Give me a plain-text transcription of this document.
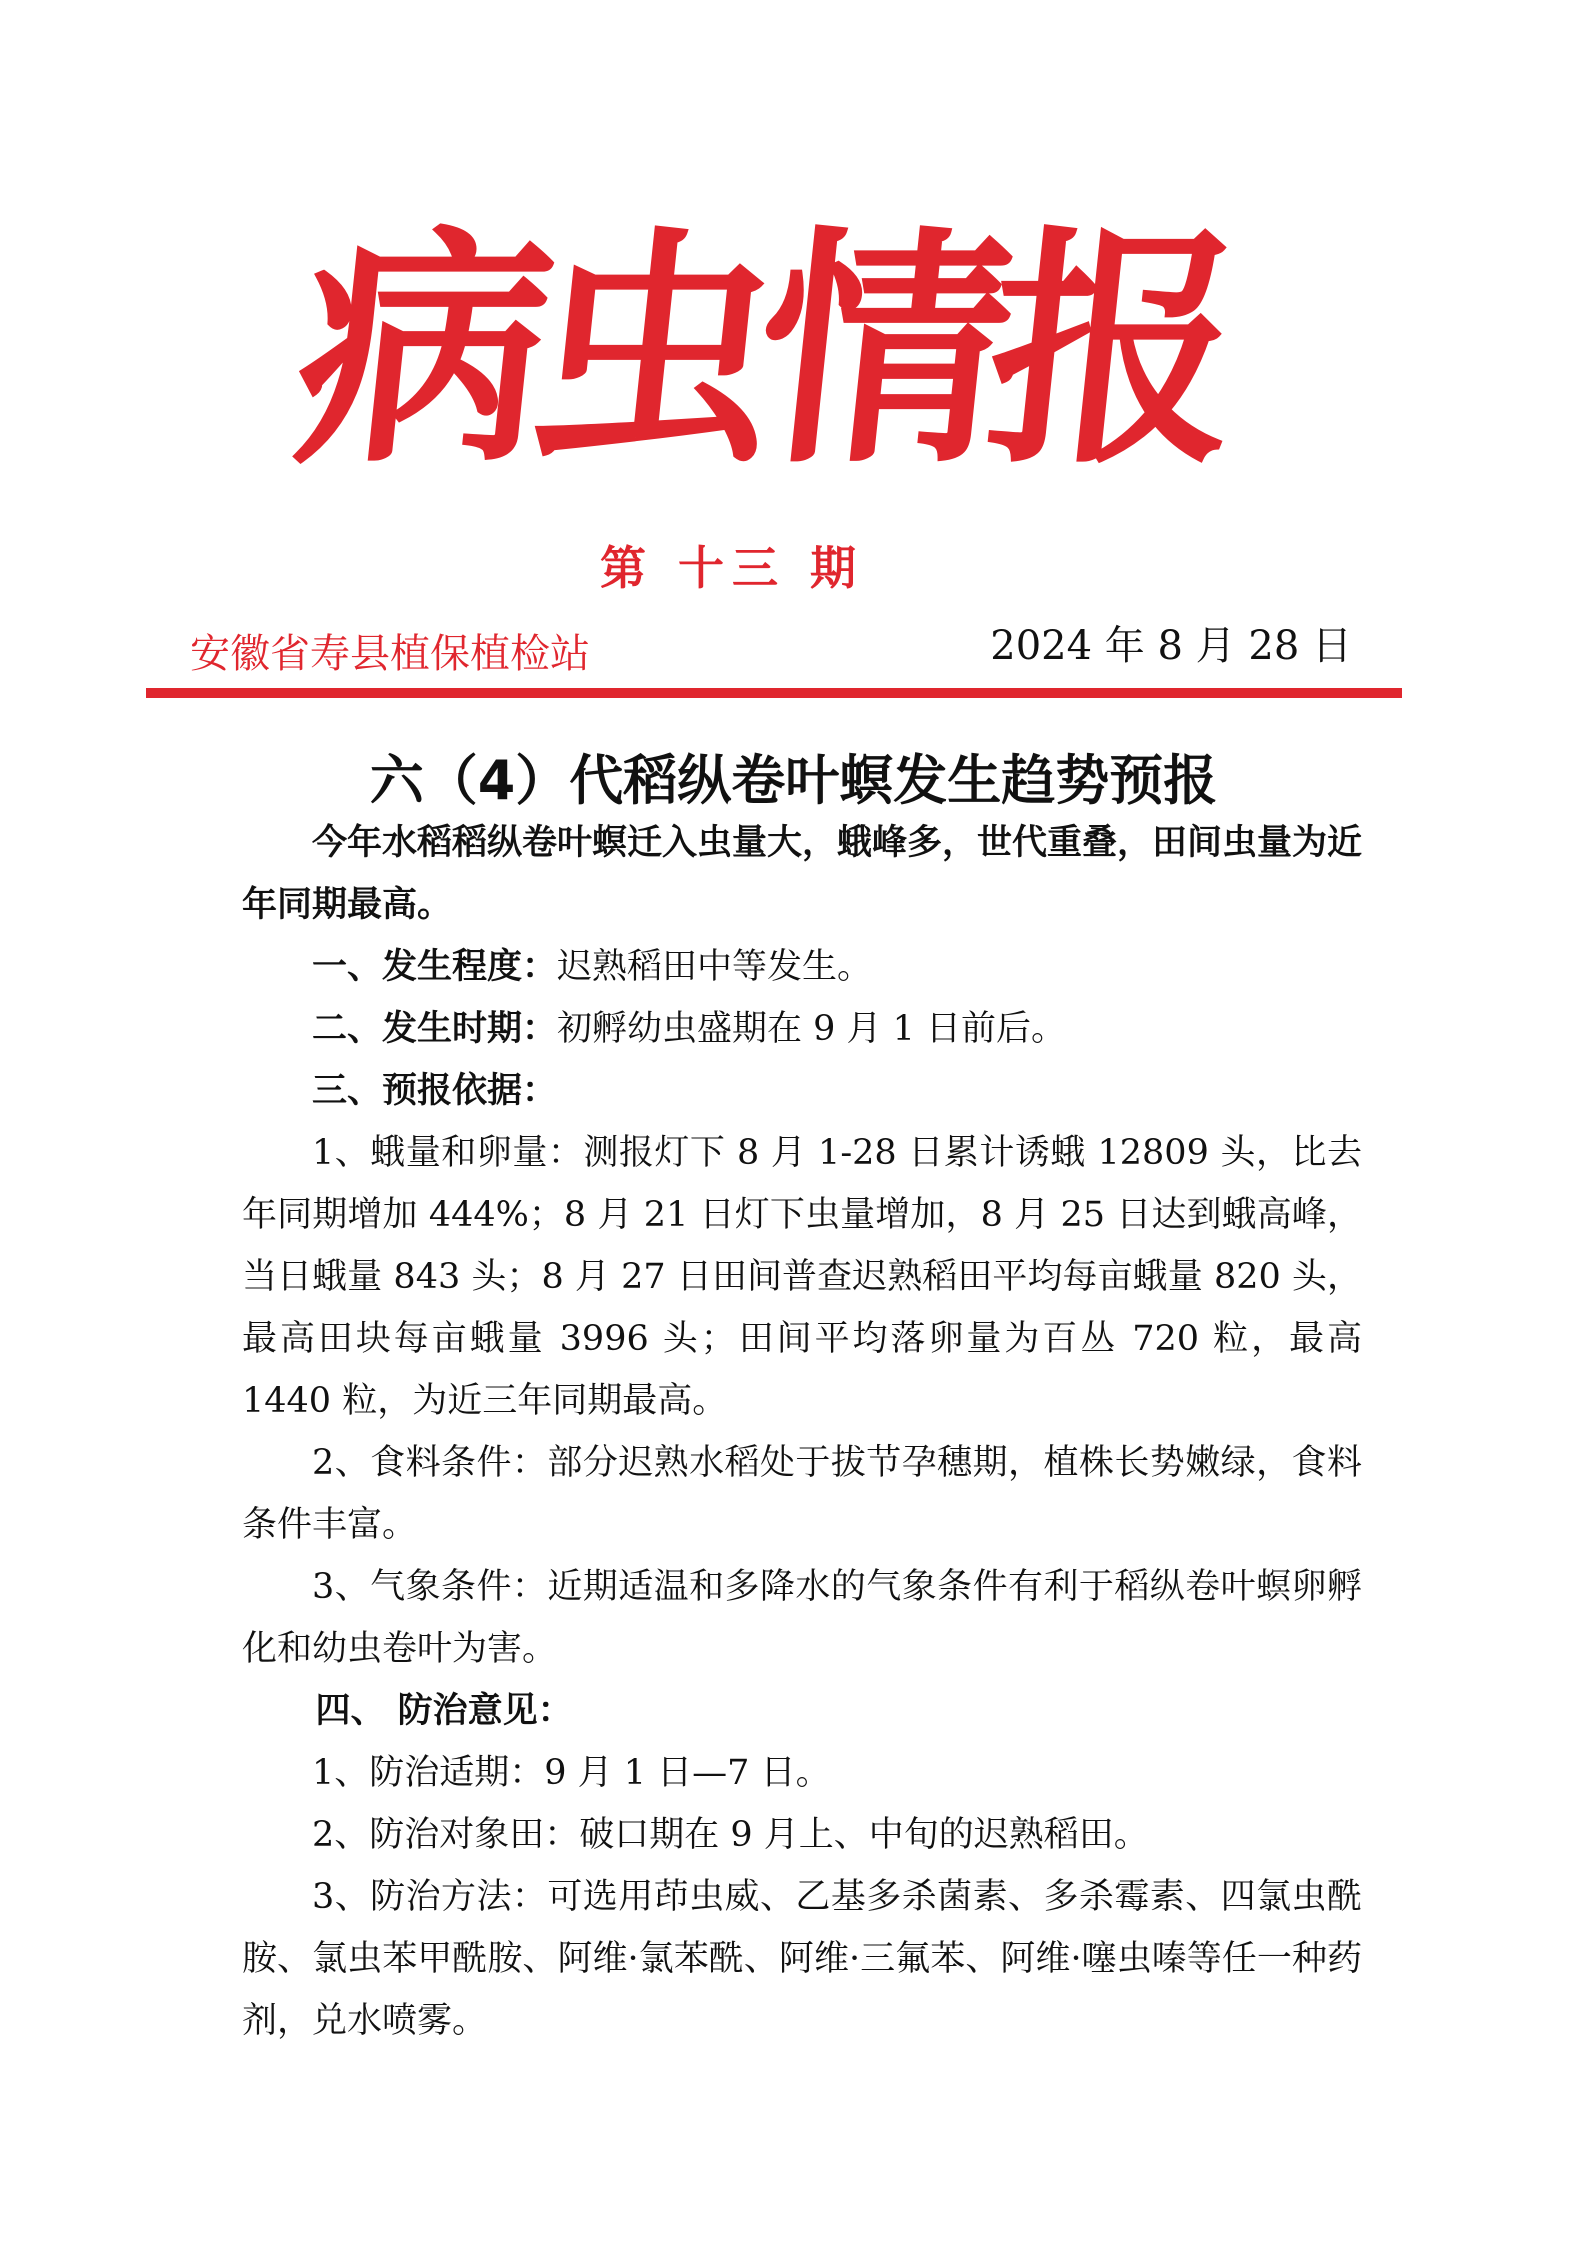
病虫情报
第 十三 期
安徽省寿县植保植检站	2024 年 8 月 28 日
六（4）代稻纵卷叶螟发生趋势预报

今年水稻稻纵卷叶螟迁入虫量大，蛾峰多，世代重叠，田间虫量为近年同期最高。

一、发生程度：迟熟稻田中等发生。

二、发生时期：初孵幼虫盛期在 9 月 1 日前后。

三、预报依据：

1、蛾量和卵量：测报灯下 8 月 1-28 日累计诱蛾 12809 头，比去年同期增加 444%；8 月 21 日灯下虫量增加，8 月 25 日达到蛾高峰，当日蛾量 843 头；8 月 27 日田间普查迟熟稻田平均每亩蛾量 820 头，最高田块每亩蛾量 3996 头；田间平均落卵量为百丛 720 粒，最高 1440 粒，为近三年同期最高。

2、食料条件：部分迟熟水稻处于拔节孕穗期，植株长势嫩绿，食料条件丰富。

3、气象条件：近期适温和多降水的气象条件有利于稻纵卷叶螟卵孵化和幼虫卷叶为害。

四、 防治意见：

1、防治适期：9 月 1 日—7 日。

2、防治对象田：破口期在 9 月上、中旬的迟熟稻田。

3、防治方法：可选用茚虫威、乙基多杀菌素、多杀霉素、四氯虫酰胺、氯虫苯甲酰胺、阿维·氯苯酰、阿维·三氟苯、阿维·噻虫嗪等任一种药剂，兑水喷雾。
